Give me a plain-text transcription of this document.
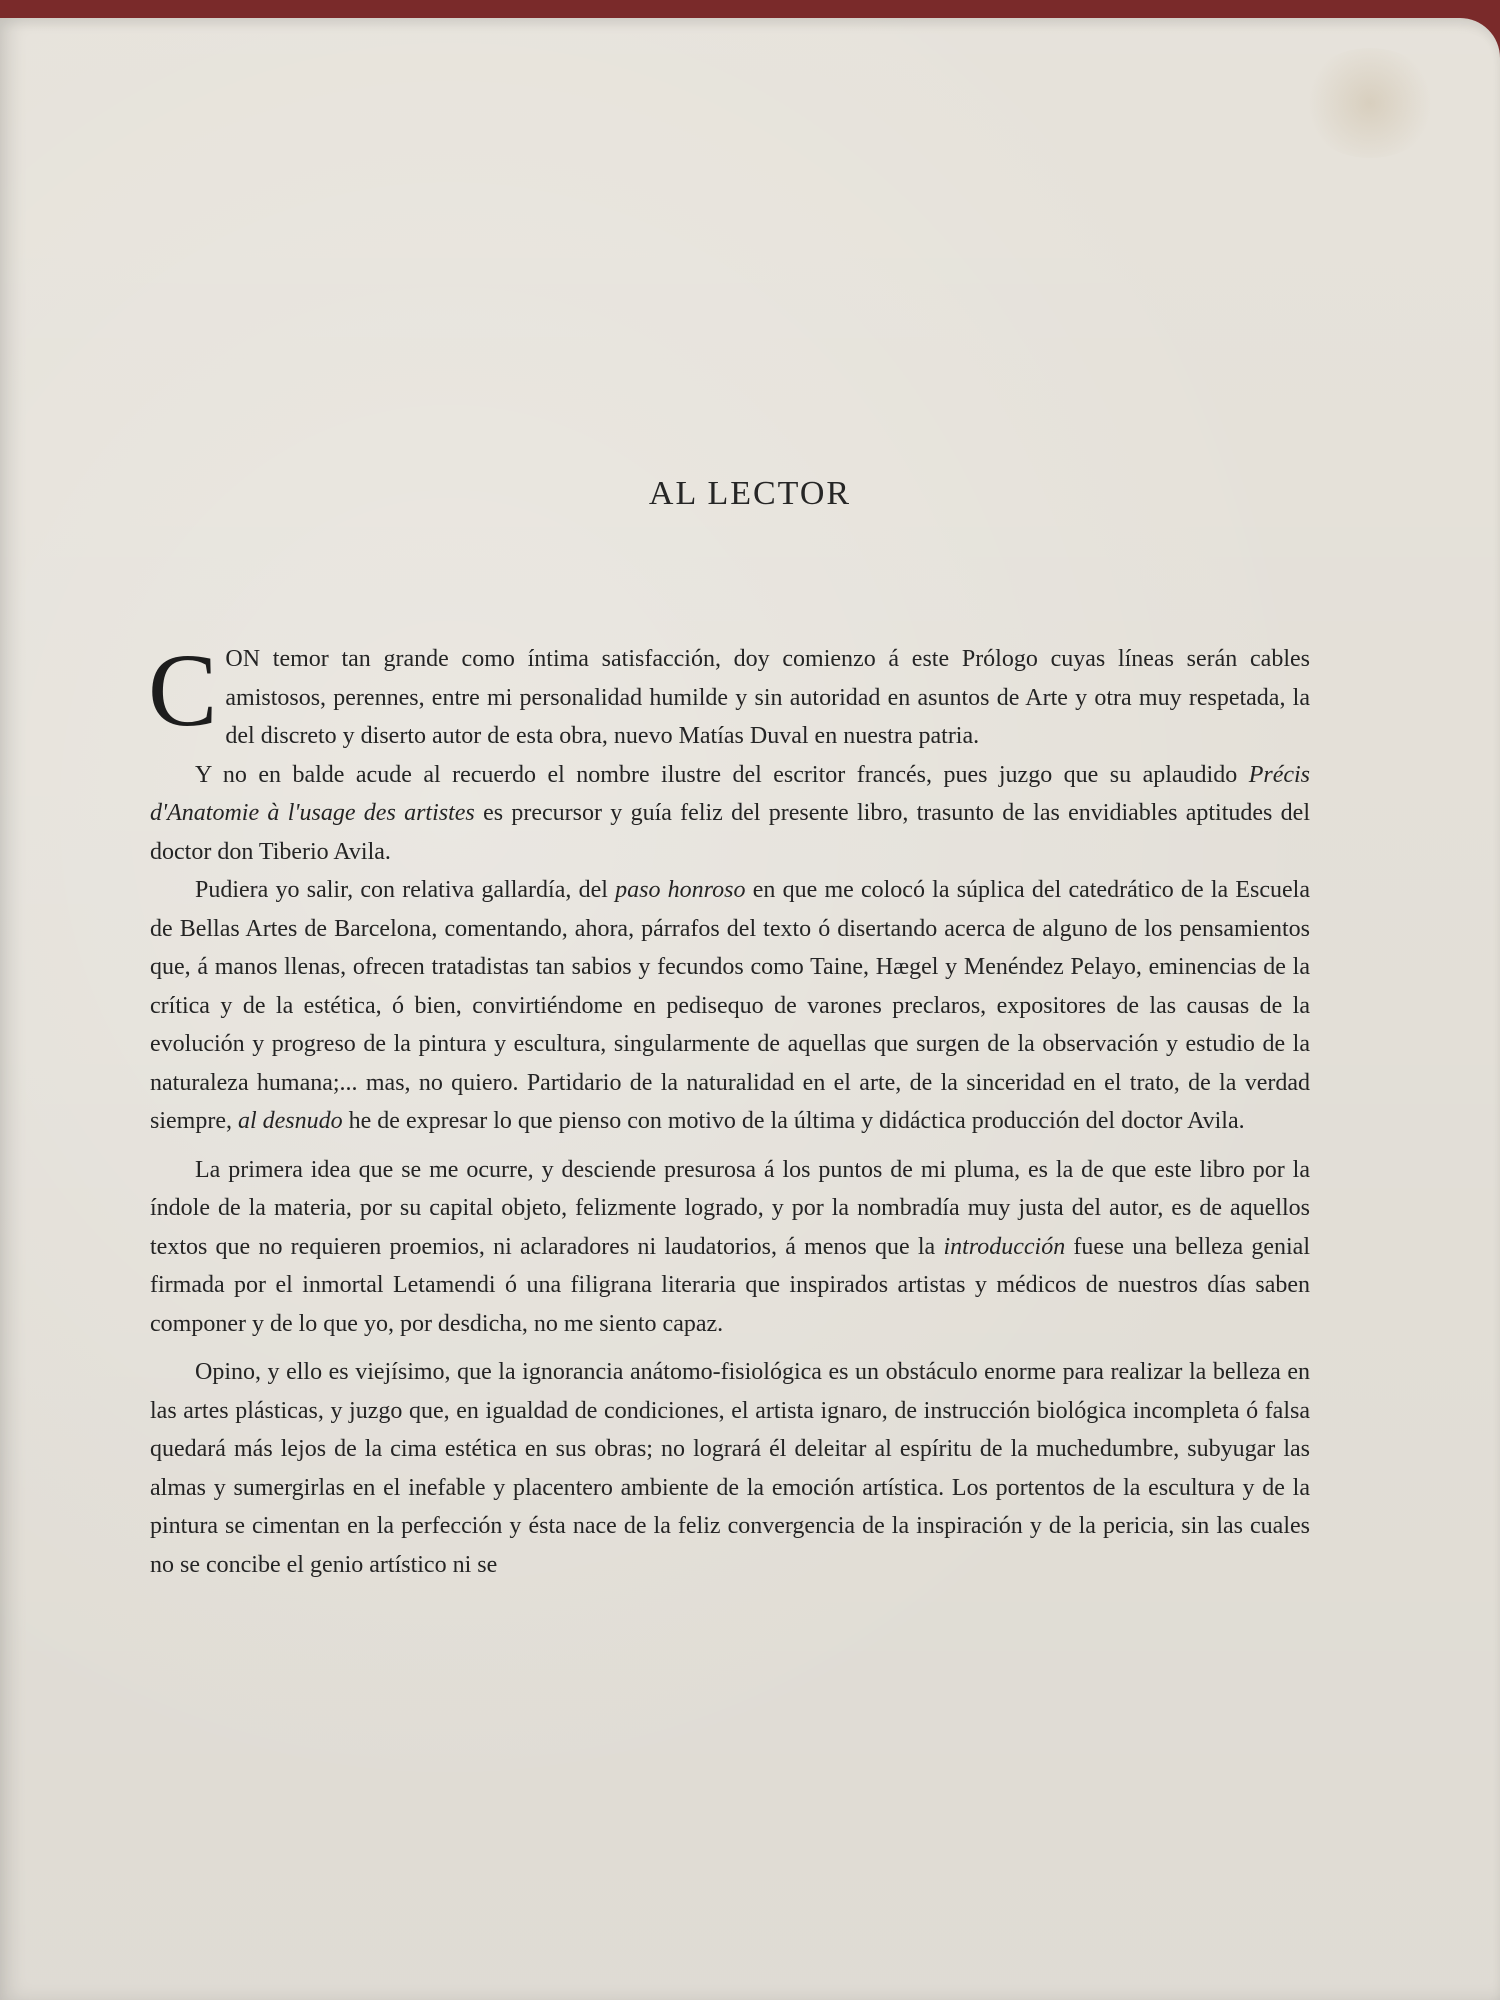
AL LECTOR

CON temor tan grande como íntima satisfacción, doy comienzo á este Prólogo cuyas líneas serán cables amistosos, perennes, entre mi personalidad humilde y sin autoridad en asuntos de Arte y otra muy respetada, la del discreto y diserto autor de esta obra, nuevo Matías Duval en nuestra patria.

Y no en balde acude al recuerdo el nombre ilustre del escritor francés, pues juzgo que su aplaudido Précis d'Anatomie à l'usage des artistes es precursor y guía feliz del presente libro, trasunto de las envidiables aptitudes del doctor don Tiberio Avila.

Pudiera yo salir, con relativa gallardía, del paso honroso en que me colocó la súplica del catedrático de la Escuela de Bellas Artes de Barcelona, comentando, ahora, párrafos del texto ó disertando acerca de alguno de los pensamientos que, á manos llenas, ofrecen tratadistas tan sabios y fecundos como Taine, Hægel y Menéndez Pelayo, eminencias de la crítica y de la estética, ó bien, convirtiéndome en pedisequo de varones preclaros, expositores de las causas de la evolución y progreso de la pintura y escultura, singularmente de aquellas que surgen de la observación y estudio de la naturaleza humana;... mas, no quiero. Partidario de la naturalidad en el arte, de la sinceridad en el trato, de la verdad siempre, al desnudo he de expresar lo que pienso con motivo de la última y didáctica producción del doctor Avila.

La primera idea que se me ocurre, y desciende presurosa á los puntos de mi pluma, es la de que este libro por la índole de la materia, por su capital objeto, felizmente logrado, y por la nombradía muy justa del autor, es de aquellos textos que no requieren proemios, ni aclaradores ni laudatorios, á menos que la introducción fuese una belleza genial firmada por el inmortal Letamendi ó una filigrana literaria que inspirados artistas y médicos de nuestros días saben componer y de lo que yo, por desdicha, no me siento capaz.

Opino, y ello es viejísimo, que la ignorancia anátomo-fisiológica es un obstáculo enorme para realizar la belleza en las artes plásticas, y juzgo que, en igualdad de condiciones, el artista ignaro, de instrucción biológica incompleta ó falsa quedará más lejos de la cima estética en sus obras; no logrará él deleitar al espíritu de la muchedumbre, subyugar las almas y sumergirlas en el inefable y placentero ambiente de la emoción artística. Los portentos de la escultura y de la pintura se cimentan en la perfección y ésta nace de la feliz convergencia de la inspiración y de la pericia, sin las cuales no se concibe el genio artístico ni se
